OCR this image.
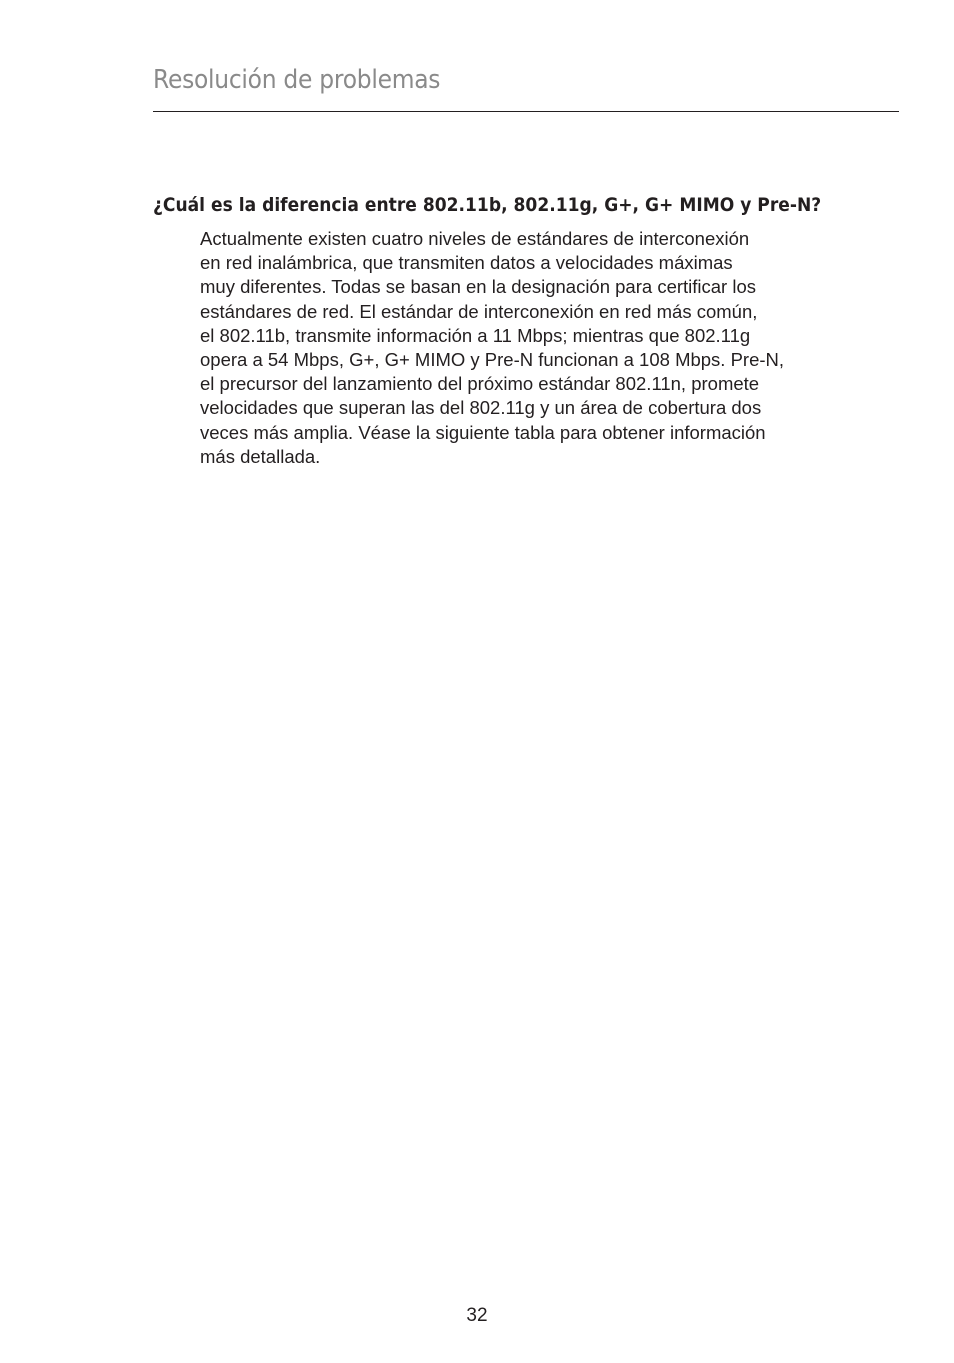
Resolución de problemas
¿Cuál es la diferencia entre 802.11b, 802.11g, G+, G+ MIMO y Pre-N?
Actualmente existen cuatro niveles de estándares de interconexión
en red inalámbrica, que transmiten datos a velocidades máximas
muy diferentes. Todas se basan en la designación para certificar los
estándares de red. El estándar de interconexión en red más común,
el 802.11b, transmite información a 11 Mbps; mientras que 802.11g
opera a 54 Mbps, G+, G+ MIMO y Pre-N funcionan a 108 Mbps. Pre-N,
el precursor del lanzamiento del próximo estándar 802.11n, promete
velocidades que superan las del 802.11g y un área de cobertura dos
veces más amplia. Véase la siguiente tabla para obtener información
más detallada.
32
